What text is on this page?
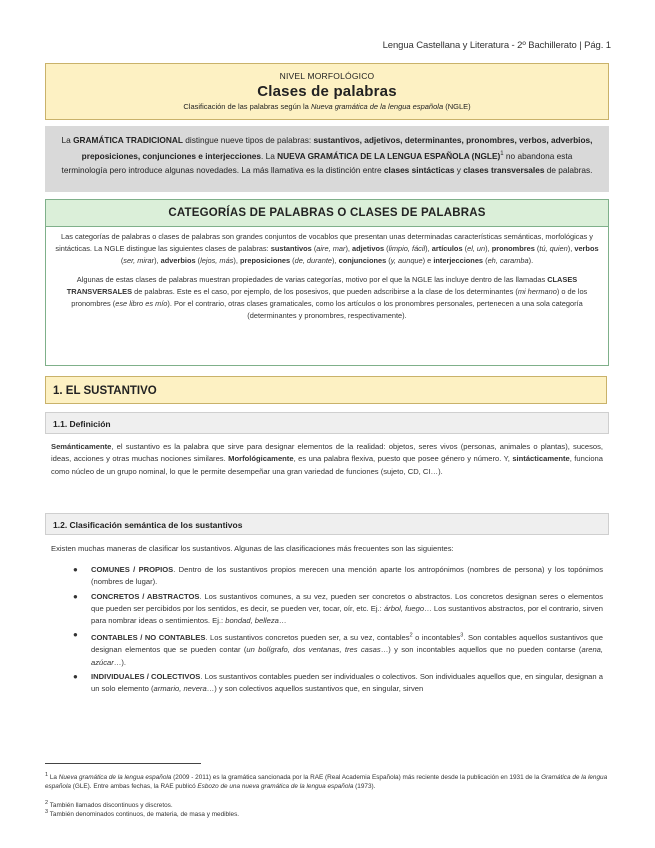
Lengua Castellana y Literatura - 2º Bachillerato | Pág. 1
NIVEL MORFOLÓGICO
Clases de palabras
Clasificación de las palabras según la Nueva gramática de la lengua española (NGLE)

La GRAMÁTICA TRADICIONAL distingue nueve tipos de palabras: sustantivos, adjetivos, determinantes, pronombres, verbos, adverbios, preposiciones, conjunciones e interjecciones. La NUEVA GRAMÁTICA DE LA LENGUA ESPAÑOLA (NGLE)$^1$ no abandona esta terminología pero introduce algunas novedades. La más llamativa es la distinción entre clases sintácticas y clases transversales de palabras.

CATEGORÍAS DE PALABRAS O CLASES DE PALABRAS

Las categorías de palabras o clases de palabras son grandes conjuntos de vocablos que presentan unas determinadas características semánticas, morfológicas y sintácticas. La NGLE distingue las siguientes clases de palabras: sustantivos (aire, mar), adjetivos (limpio, fácil), artículos (el, un), pronombres (tú, quien), verbos (ser, mirar), adverbios (lejos, más), preposiciones (de, durante), conjunciones (y, aunque) e interjecciones (eh, caramba).

Algunas de estas clases de palabras muestran propiedades de varias categorías, motivo por el que la NGLE las incluye dentro de las llamadas CLASES TRANSVERSALES de palabras. Este es el caso, por ejemplo, de los posesivos, que pueden adscribirse a la clase de los determinantes (mi hermano) o de los pronombres (ese libro es mío). Por el contrario, otras clases gramaticales, como los artículos o los pronombres personales, pertenecen a una sola categoría (determinantes y pronombres, respectivamente).

1. EL SUSTANTIVO
1.1. Definición
Semánticamente, el sustantivo es la palabra que sirve para designar elementos de la realidad: objetos, seres vivos (personas, animales o plantas), sucesos, ideas, acciones y otras muchas nociones similares. Morfológicamente, es una palabra flexiva, puesto que posee género y número. Y, sintácticamente, funciona como núcleo de un grupo nominal, lo que le permite desempeñar una gran variedad de funciones (sujeto, CD, CI…).
1.2. Clasificación semántica de los sustantivos
Existen muchas maneras de clasificar los sustantivos. Algunas de las clasificaciones más frecuentes son las siguientes:
● COMUNES / PROPIOS. Dentro de los sustantivos propios merecen una mención aparte los antropónimos (nombres de persona) y los topónimos (nombres de lugar).
● CONCRETOS / ABSTRACTOS. Los sustantivos comunes, a su vez, pueden ser concretos o abstractos. Los concretos designan seres o elementos que pueden ser percibidos por los sentidos, es decir, se pueden ver, tocar, oír, etc. Ej.: árbol, fuego… Los sustantivos abstractos, por el contrario, sirven para nombrar ideas o sentimientos. Ej.: bondad, belleza…
● CONTABLES / NO CONTABLES. Los sustantivos concretos pueden ser, a su vez, contables$^2$ o incontables$^3$. Son contables aquellos sustantivos que designan elementos que se pueden contar (un bolígrafo, dos ventanas, tres casas…) y son incontables aquellos que no pueden contarse (arena, azúcar…).
● INDIVIDUALES / COLECTIVOS. Los sustantivos contables pueden ser individuales o colectivos. Son individuales aquellos que, en singular, designan a un solo elemento (armario, nevera…) y son colectivos aquellos sustantivos que, en singular, sirven
$^1$ La Nueva gramática de la lengua española (2009 - 2011) es la gramática sancionada por la RAE (Real Academia Española) más reciente desde la publicación en 1931 de la Gramática de la lengua española (GLE). Entre ambas fechas, la RAE publicó Esbozo de una nueva gramática de la lengua española (1973).
$^2$ También llamados discontinuos y discretos.
$^3$ También denominados continuos, de materia, de masa y medibles.
